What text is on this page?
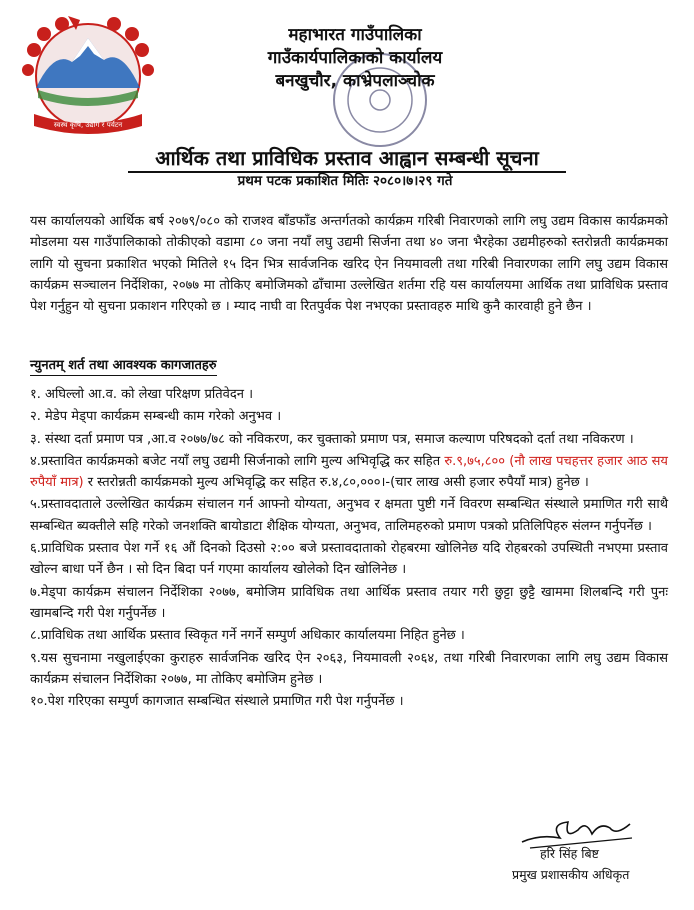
स्वस्थ कृषि, उद्योग र पर्यटन
महाभारत गाउँपालिका
गाउँकार्यपालिकाको कार्यालय
बनखुचौर, काभ्रेपलाञ्चोक
आर्थिक तथा प्राविधिक प्रस्ताव आह्वान सम्बन्धी सूचना
प्रथम पटक प्रकाशित मितिः २०८०।७।२९ गते
यस कार्यालयको आर्थिक बर्ष २०७९/०८० को राजश्व बाँडफाँड अन्तर्गतको कार्यक्रम गरिबी निवारणको लागि लघु उद्यम विकास कार्यक्रमको मोडलमा यस गाउँपालिकाको तोकीएको वडामा ८० जना नयाँ लघु उद्यमी सिर्जना तथा ४० जना भैरहेका उद्यमीहरुको स्तरोन्नती कार्यक्रमका लागि यो सुचना प्रकाशित भएको मितिले १५ दिन भित्र सार्वजनिक खरिद ऐन नियमावली तथा गरिबी निवारणका लागि लघु उद्यम विकास कार्यक्रम सञ्चालन निर्देशिका, २०७७ मा तोकिए बमोजिमको ढाँचामा उल्लेखित शर्तमा रहि यस कार्यालयमा आर्थिक तथा प्राविधिक प्रस्ताव पेश गर्नुहुन यो सुचना प्रकाशन गरिएको छ । म्याद नाघी वा रितपुर्वक पेश नभएका प्रस्तावहरु माथि कुनै कारवाही हुने छैन ।
न्युनतम् शर्त तथा आवश्यक कागजातहरु
१. अघिल्लो आ.व. को लेखा परिक्षण प्रतिवेदन ।
२. मेडेप मेड्पा कार्यक्रम सम्बन्धी काम गरेको अनुभव ।
३. संस्था दर्ता प्रमाण पत्र ,आ.व २०७७/७८ को नविकरण, कर चुक्ताको प्रमाण पत्र, समाज कल्याण परिषदको दर्ता तथा नविकरण ।
४.प्रस्तावित कार्यक्रमको बजेट नयाँ लघु उद्यमी सिर्जनाको लागि मुल्य अभिवृद्धि कर सहित रु.९,७५,८०० (नौ लाख पचहत्तर हजार आठ सय रुपैयाँ मात्र) र स्तरोन्नती कार्यक्रमको मुल्य अभिवृद्धि कर सहित रु.४,८०,०००।-(चार लाख असी हजार रुपैयाँ मात्र) हुनेछ ।
५.प्रस्तावदाताले उल्लेखित कार्यक्रम संचालन गर्न आफ्नो योग्यता, अनुभव र क्षमता पुष्टी गर्ने विवरण सम्बन्धित संस्थाले प्रमाणित गरी साथै सम्बन्धित ब्यक्तीले सहि गरेको जनशक्ति बायोडाटा शैक्षिक योग्यता, अनुभव, तालिमहरुको प्रमाण पत्रको प्रतिलिपिहरु संलग्न गर्नुपर्नेछ ।
६.प्राविधिक प्रस्ताव पेश गर्ने १६ औं दिनको दिउसो २:०० बजे प्रस्तावदाताको रोहबरमा खोलिनेछ यदि रोहबरको उपस्थिती नभएमा प्रस्ताव खोल्न बाधा पर्ने छैन । सो दिन बिदा पर्न गएमा कार्यालय खोलेको दिन खोलिनेछ ।
७.मेड्पा कार्यक्रम संचालन निर्देशिका २०७७, बमोजिम प्राविधिक तथा आर्थिक प्रस्ताव तयार गरी छुट्टा छुट्टै खाममा शिलबन्दि गरी पुनः खामबन्दि गरी पेश गर्नुपर्नेछ ।
८.प्राविधिक तथा आर्थिक प्रस्ताव स्विकृत गर्ने नगर्ने सम्पुर्ण अधिकार कार्यालयमा निहित हुनेछ ।
९.यस सुचनामा नखुलाईएका कुराहरु सार्वजनिक खरिद ऐन २०६३, नियमावली २०६४, तथा गरिबी निवारणका लागि लघु उद्यम विकास कार्यक्रम संचालन निर्देशिका २०७७, मा तोकिए बमोजिम हुनेछ ।
१०.पेश गरिएका सम्पुर्ण कागजात सम्बन्धित संस्थाले प्रमाणित गरी पेश गर्नुपर्नेछ ।
हरि सिंह बिष्ट
प्रमुख प्रशासकीय अधिकृत
